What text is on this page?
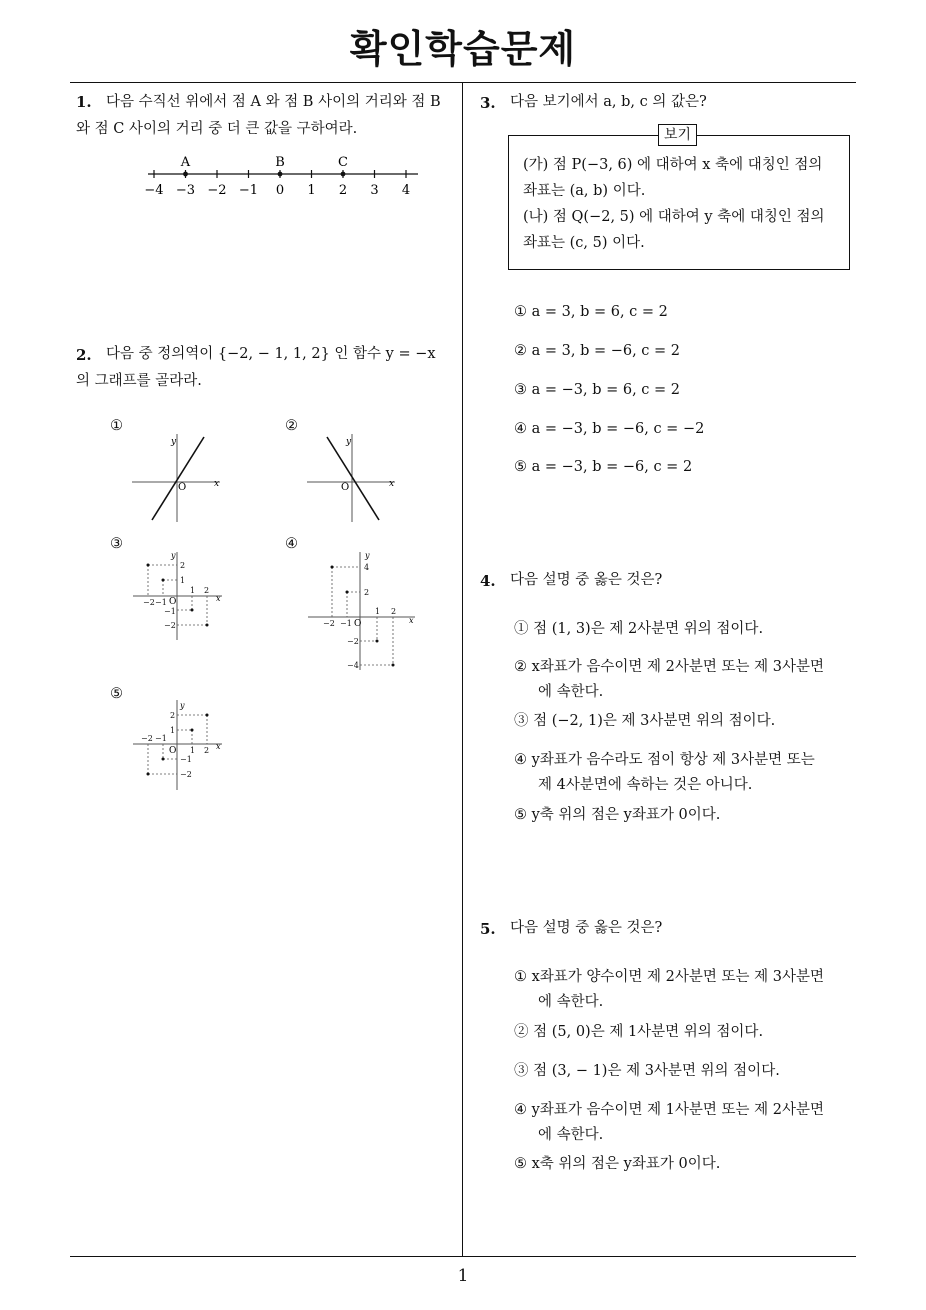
확인학습문제
1. 다음 수직선 위에서 점 A 와 점 B 사이의 거리와 점 B
와 점 C 사이의 거리 중 더 큰 값을 구하여라.
−4 −3 −2 −1 0 1 2 3 4
A	B	C
2. 다음 중 정의역이 {−2, − 1, 1, 2} 인 함수 y = −x
의 그래프를 골라라.
①	②
③	④
⑤
y
x
O
y
x
O
y
x
O
2
1
−1
−2
−2 −1
1 2
y
x
O
4
2
−2
−4
−2 −1
1 2
y
x
O
2
1
−1
−2
−2 −1
1 2
3. 다음 보기에서 a, b, c 의 값은?
(가) 점 P(−3, 6) 에 대하여 x 축에 대칭인 점의
좌표는 (a, b) 이다.
(나) 점 Q(−2, 5) 에 대하여 y 축에 대칭인 점의
좌표는 (c, 5) 이다.
보기
① a = 3, b = 6, c = 2
② a = 3, b = −6, c = 2
③ a = −3, b = 6, c = 2
④ a = −3, b = −6, c = −2
⑤ a = −3, b = −6, c = 2
4. 다음 설명 중 옳은 것은?
① 점 (1, 3)은 제 2사분면 위의 점이다.
② x좌표가 음수이면 제 2사분면 또는 제 3사분면
에 속한다.
③ 점 (−2, 1)은 제 3사분면 위의 점이다.
④ y좌표가 음수라도 점이 항상 제 3사분면 또는
제 4사분면에 속하는 것은 아니다.
⑤ y축 위의 점은 y좌표가 0이다.
5. 다음 설명 중 옳은 것은?
① x좌표가 양수이면 제 2사분면 또는 제 3사분면
에 속한다.
② 점 (5, 0)은 제 1사분면 위의 점이다.
③ 점 (3, − 1)은 제 3사분면 위의 점이다.
④ y좌표가 음수이면 제 1사분면 또는 제 2사분면
에 속한다.
⑤ x축 위의 점은 y좌표가 0이다.
1
